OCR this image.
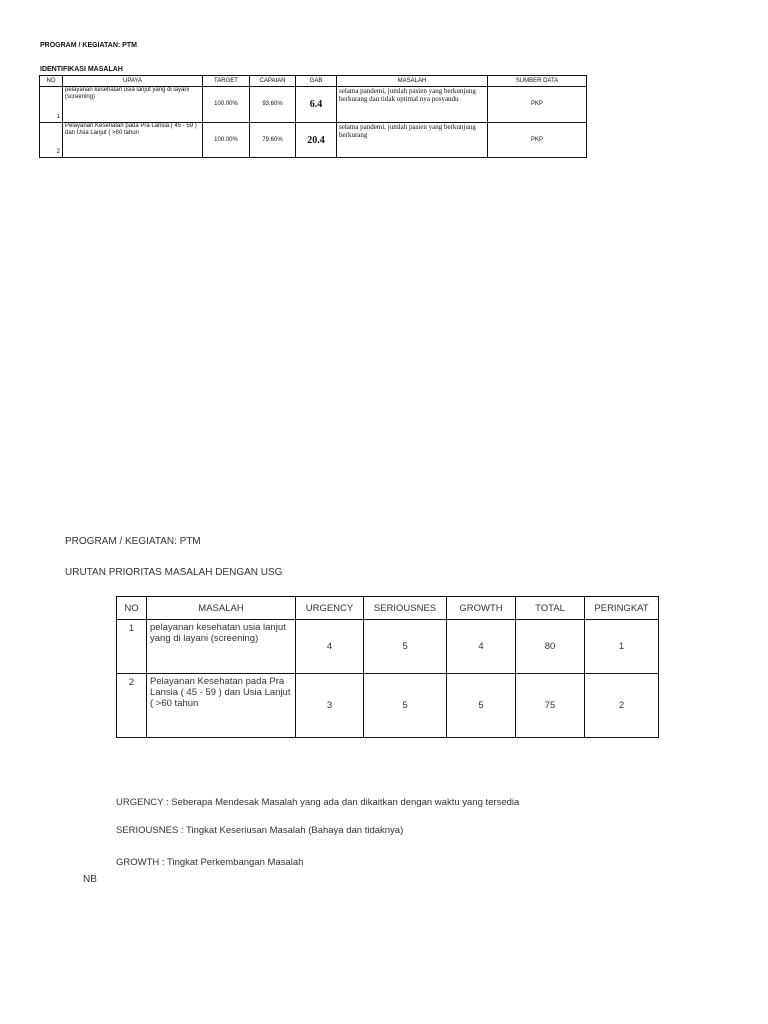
PROGRAM / KEGIATAN: PTM
IDENTIFIKASI MASALAH
NO	UPAYA	TARGET	CAPAIAN	GAB	MASALAH	SUMBER DATA
1	pelayanan kesehatan usia lanjut yang di layani (screening)	100.00%	93.60%	6.4	selama pandemi, jumlah pasien yang berkunjung berkurang dan tidak optimal nya posyandu	PKP
2	Pelayanan Kesehatan pada Pra Lansia ( 45 - 59 ) dan Usia Lanjut ( >60 tahun	100.00%	79.60%	20.4	selama pandemi, jumlah pasien yang berkunjung berkurang	PKP
PROGRAM / KEGIATAN: PTM
URUTAN PRIORITAS MASALAH DENGAN USG
NO	MASALAH	URGENCY	SERIOUSNES	GROWTH	TOTAL	PERINGKAT
1	pelayanan kesehatan usia lanjut yang di layani (screening)	4	5	4	80	1
2	Pelayanan Kesehatan pada Pra Lansia ( 45 - 59 ) dan Usia Lanjut ( >60 tahun	3	5	5	75	2
URGENCY : Seberapa Mendesak Masalah yang ada dan dikaitkan dengan waktu yang tersedia
SERIOUSNES : Tingkat Keseriusan Masalah (Bahaya dan tidaknya)
GROWTH : Tingkat Perkembangan Masalah
NB
